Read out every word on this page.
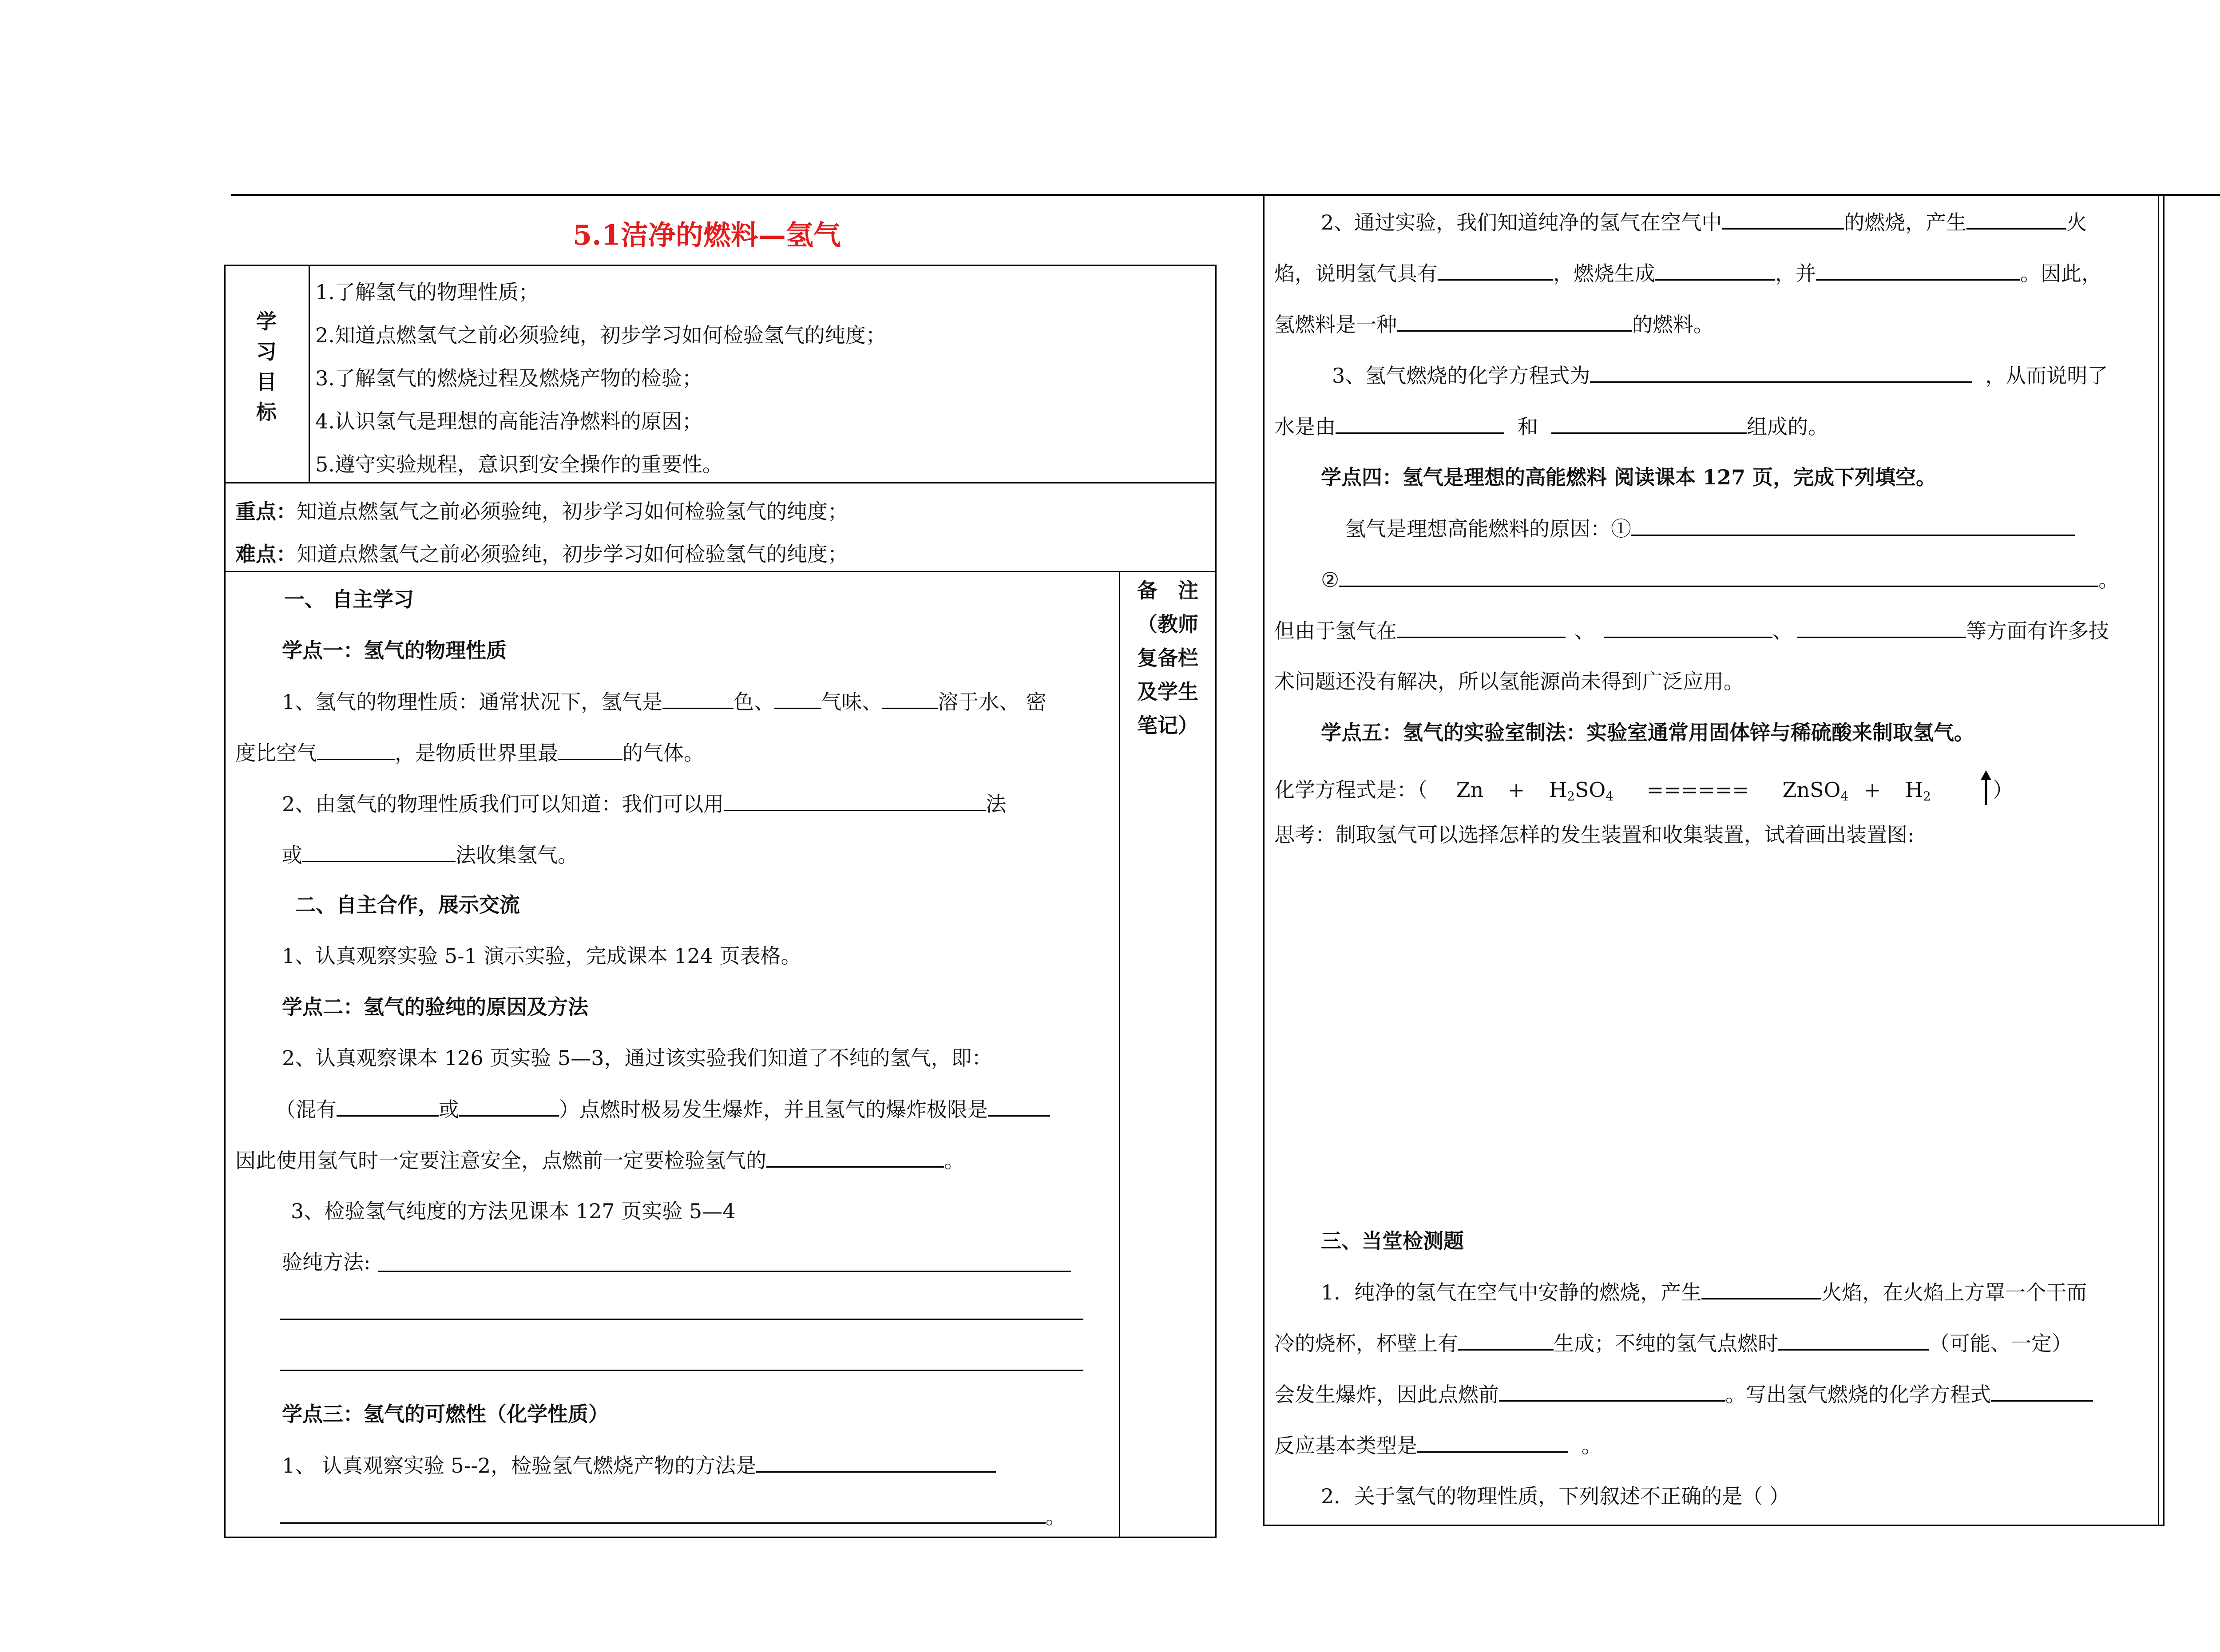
5.1洁净的燃料—氢气
学
习
目
标
1.了解氢气的物理性质；
2.知道点燃氢气之前必须验纯，初步学习如何检验氢气的纯度；
3.了解氢气的燃烧过程及燃烧产物的检验；
4.认识氢气是理想的高能洁净燃料的原因；
5.遵守实验规程，意识到安全操作的重要性。
重点：知道点燃氢气之前必须验纯，初步学习如何检验氢气的纯度；
难点：知道点燃氢气之前必须验纯，初步学习如何检验氢气的纯度；
备　注
（教师
复备栏
及学生
笔记）
一、 自主学习
学点一：氢气的物理性质
1、氢气的物理性质：通常状况下，氢气是	色、 气味、	溶于水、 密
度比空气	，是物质世界里最	的气体。
2、由氢气的物理性质我们可以知道：我们可以用	法
或	法收集氢气。
二、自主合作，展示交流
1、认真观察实验 5-1 演示实验，完成课本 124 页表格。
学点二：氢气的验纯的原因及方法
2、认真观察课本 126 页实验 5—3，通过该实验我们知道了不纯的氢气，即：
（混有	或	）点燃时极易发生爆炸，并且氢气的爆炸极限是
因此使用氢气时一定要注意安全，点燃前一定要检验氢气的	。
3、检验氢气纯度的方法见课本 127 页实验 5—4
验纯方法:
学点三：氢气的可燃性（化学性质）
1、 认真观察实验 5--2，检验氢气燃烧产物的方法是
。
2、通过实验，我们知道纯净的氢气在空气中	的燃烧，产生	火
焰，说明氢气具有	，燃烧生成	，并	。因此，
氢燃料是一种	的燃料。
3、氢气燃烧的化学方程式为	，从而说明了
水是由	和	组成的。
学点四：氢气是理想的高能燃料 阅读课本 127 页，完成下列填空。
氢气是理想高能燃料的原因：①
②	。
但由于氢气在	、	、	等方面有许多技
术问题还没有解决，所以氢能源尚未得到广泛应用。
学点五：氢气的实验室制法：实验室通常用固体锌与稀硫酸来制取氢气。
化学方程式是：（ $Zn + H_2SO_4$ ====== ZnSO$_4$ + $H_2$	）
思考：制取氢气可以选择怎样的发生装置和收集装置，试着画出装置图:
三、当堂检测题
1．纯净的氢气在空气中安静的燃烧，产生	火焰，在火焰上方罩一个干而
冷的烧杯，杯壁上有	生成；不纯的氢气点燃时	（可能、一定）
会发生爆炸，因此点燃前	。写出氢气燃烧的化学方程式
反应基本类型是	。
2．关于氢气的物理性质，下列叙述不正确的是（ ）
